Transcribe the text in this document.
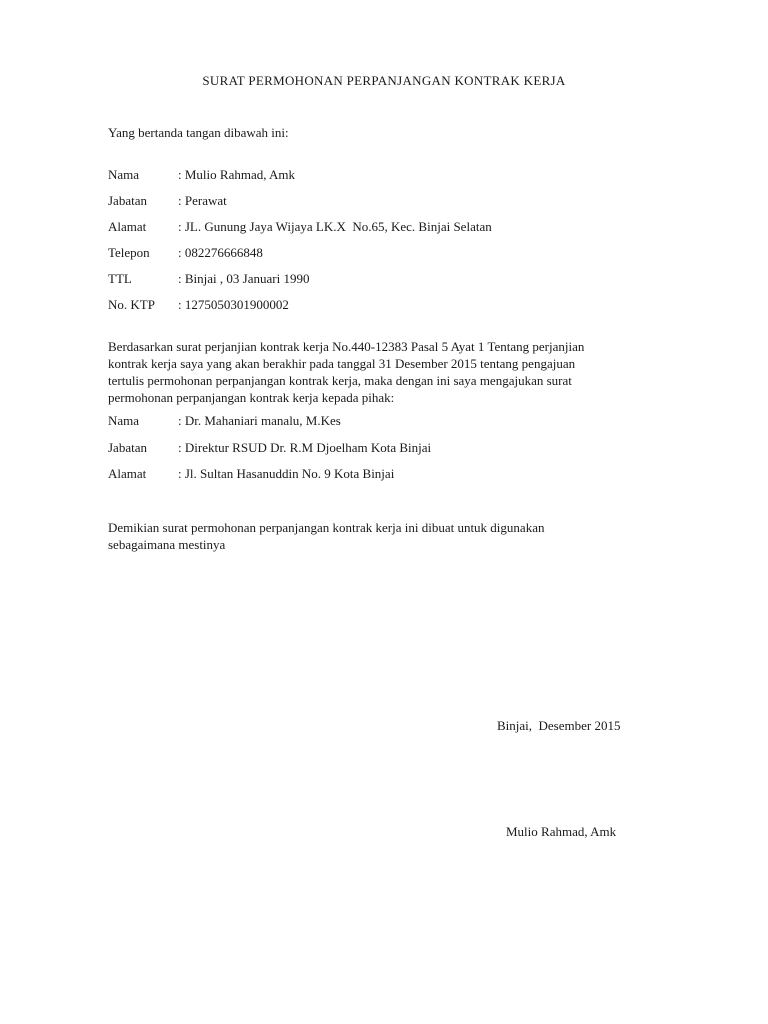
SURAT PERMOHONAN PERPANJANGAN KONTRAK KERJA
Yang bertanda tangan dibawah ini:
Nama	: Mulio Rahmad, Amk
Jabatan	: Perawat
Alamat	: JL. Gunung Jaya Wijaya LK.X  No.65, Kec. Binjai Selatan
Telepon	: 082276666848
TTL	: Binjai , 03 Januari 1990
No. KTP : 1275050301900002
Berdasarkan surat perjanjian kontrak kerja No.440-12383 Pasal 5 Ayat 1 Tentang perjanjian
kontrak kerja saya yang akan berakhir pada tanggal 31 Desember 2015 tentang pengajuan
tertulis permohonan perpanjangan kontrak kerja, maka dengan ini saya mengajukan surat
permohonan perpanjangan kontrak kerja kepada pihak:
Nama	: Dr. Mahaniari manalu, M.Kes
Jabatan	: Direktur RSUD Dr. R.M Djoelham Kota Binjai
Alamat	: Jl. Sultan Hasanuddin No. 9 Kota Binjai
Demikian surat permohonan perpanjangan kontrak kerja ini dibuat untuk digunakan
sebagaimana mestinya
Binjai,  Desember 2015
Mulio Rahmad, Amk
